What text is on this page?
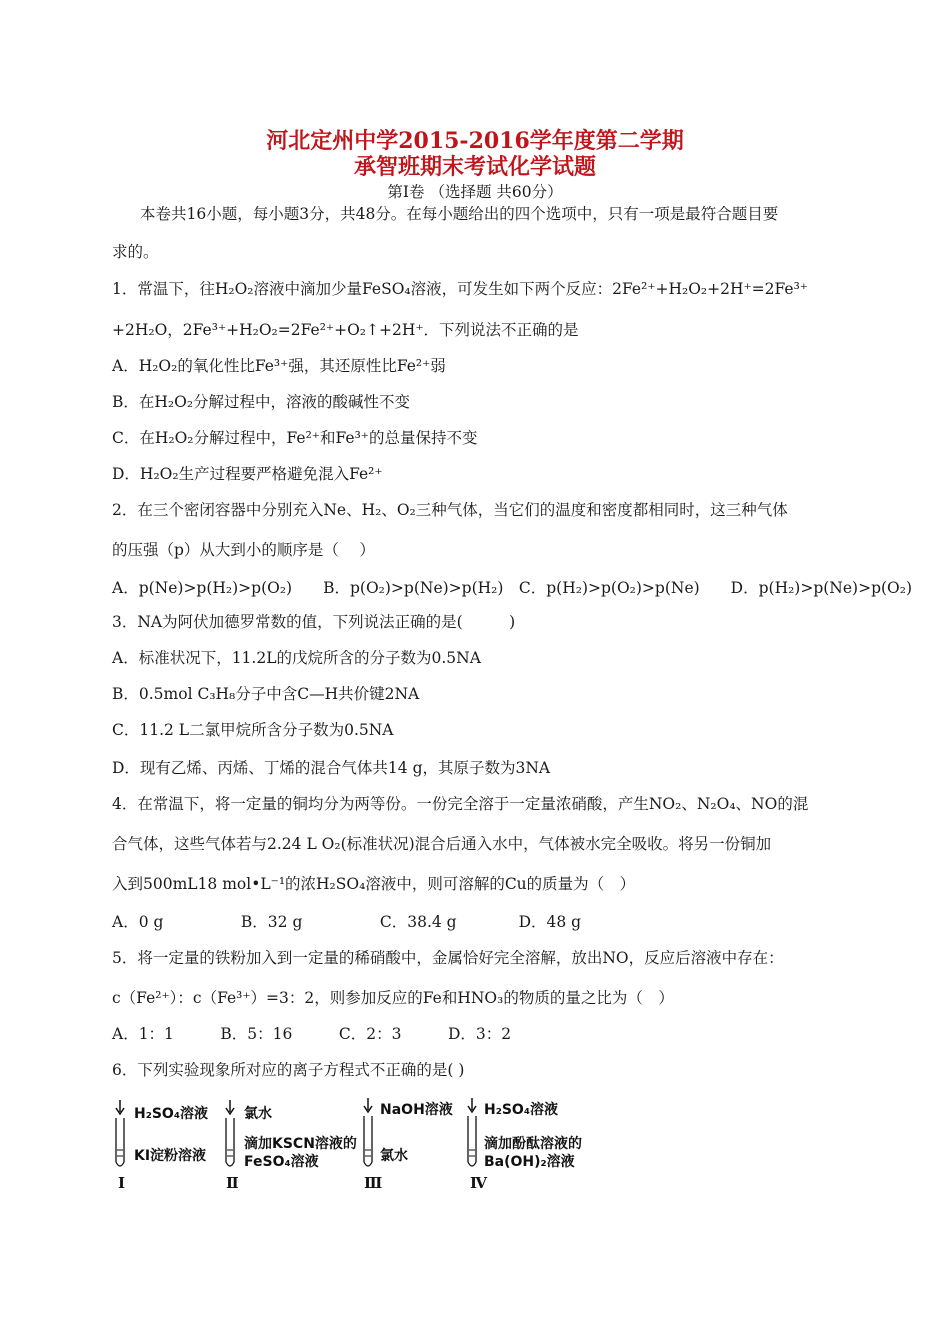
河北定州中学2015-2016学年度第二学期
承智班期末考试化学试题
第Ⅰ卷 （选择题 共60分）
本卷共16小题，每小题3分，共48分。在每小题给出的四个选项中，只有一项是最符合题目要
求的。
1．常温下，往H₂O₂溶液中滴加少量FeSO₄溶液，可发生如下两个反应：2Fe²⁺+H₂O₂+2H⁺=2Fe³⁺
+2H₂O，2Fe³⁺+H₂O₂=2Fe²⁺+O₂↑+2H⁺．下列说法不正确的是
A．H₂O₂的氧化性比Fe³⁺强，其还原性比Fe²⁺弱
B．在H₂O₂分解过程中，溶液的酸碱性不变
C．在H₂O₂分解过程中，Fe²⁺和Fe³⁺的总量保持不变
D．H₂O₂生产过程要严格避免混入Fe²⁺
2．在三个密闭容器中分别充入Ne、H₂、O₂三种气体，当它们的温度和密度都相同时，这三种气体
的压强（p）从大到小的顺序是（　 ）
A．p(Ne)>p(H₂)>p(O₂)　　B．p(O₂)>p(Ne)>p(H₂)　C．p(H₂)>p(O₂)>p(Ne)　　D．p(H₂)>p(Ne)>p(O₂)
3．NA为阿伏加德罗常数的值，下列说法正确的是(　　　)
A．标准状况下，11.2L的戊烷所含的分子数为0.5NA
B．0.5mol C₃H₈分子中含C—H共价键2NA
C．11.2 L二氯甲烷所含分子数为0.5NA
D．现有乙烯、丙烯、丁烯的混合气体共14 g，其原子数为3NA
4．在常温下，将一定量的铜均分为两等份。一份完全溶于一定量浓硝酸，产生NO₂、N₂O₄、NO的混
合气体，这些气体若与2.24 L O₂(标准状况)混合后通入水中，气体被水完全吸收。将另一份铜加
入到500mL18 mol•L⁻¹的浓H₂SO₄溶液中，则可溶解的Cu的质量为（　）
A．0 g　　　　　B．32 g　　　　　C．38.4 g　　　　D．48 g
5．将一定量的铁粉加入到一定量的稀硝酸中，金属恰好完全溶解，放出NO，反应后溶液中存在：
c（Fe²⁺）：c（Fe³⁺）=3：2，则参加反应的Fe和HNO₃的物质的量之比为（　）
A．1：1　　　B．5：16　　　C．2：3　　　D．3：2
6．下列实验现象所对应的离子方程式不正确的是( )
H₂SO₄溶液
KI淀粉溶液
Ⅰ
氯水
滴加KSCN溶液的
FeSO₄溶液
Ⅱ
NaOH溶液
氯水
Ⅲ
H₂SO₄溶液
滴加酚酞溶液的
Ba(OH)₂溶液
Ⅳ
